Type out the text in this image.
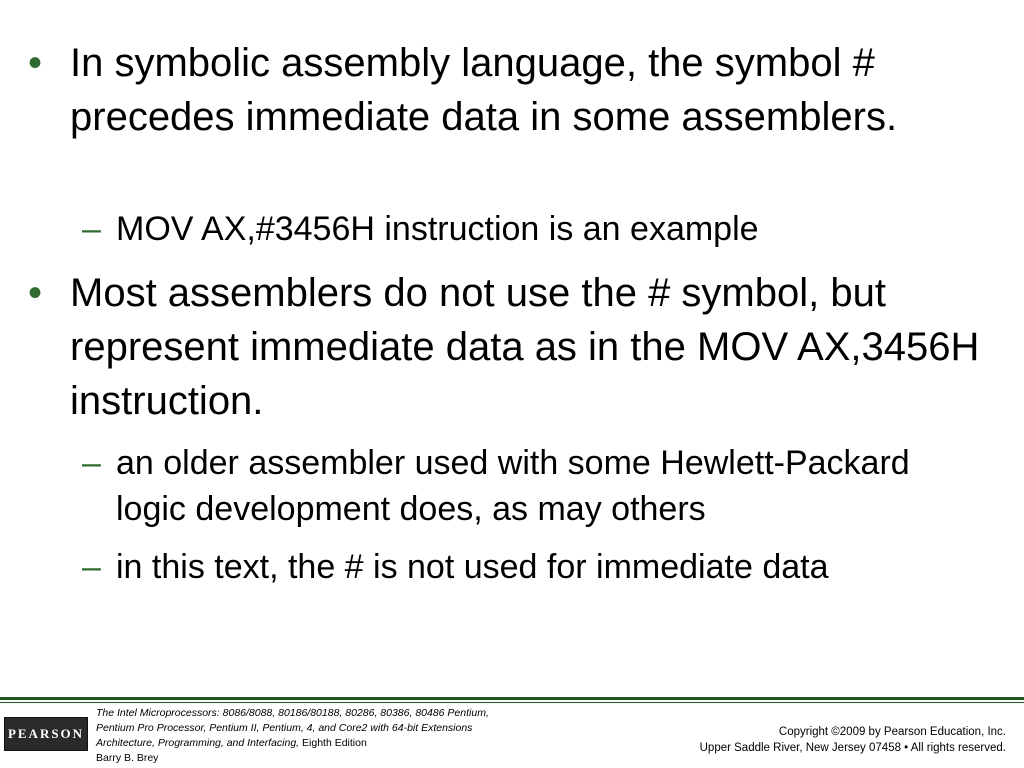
• In symbolic assembly language, the symbol # precedes immediate data in some assemblers.
– MOV AX,#3456H instruction is an example
• Most assemblers do not use the # symbol, but represent immediate data as in the MOV AX,3456H instruction.
– an older assembler used with some Hewlett-Packard logic development does, as may others
– in this text, the # is not used for immediate data
PEARSON
The Intel Microprocessors: 8086/8088, 80186/80188, 80286, 80386, 80486 Pentium,
Pentium Pro Processor, Pentium II, Pentium, 4, and Core2 with 64-bit Extensions
Architecture, Programming, and Interfacing, Eighth Edition
Barry B. Brey
Copyright ©2009 by Pearson Education, Inc.
Upper Saddle River, New Jersey 07458 • All rights reserved.
